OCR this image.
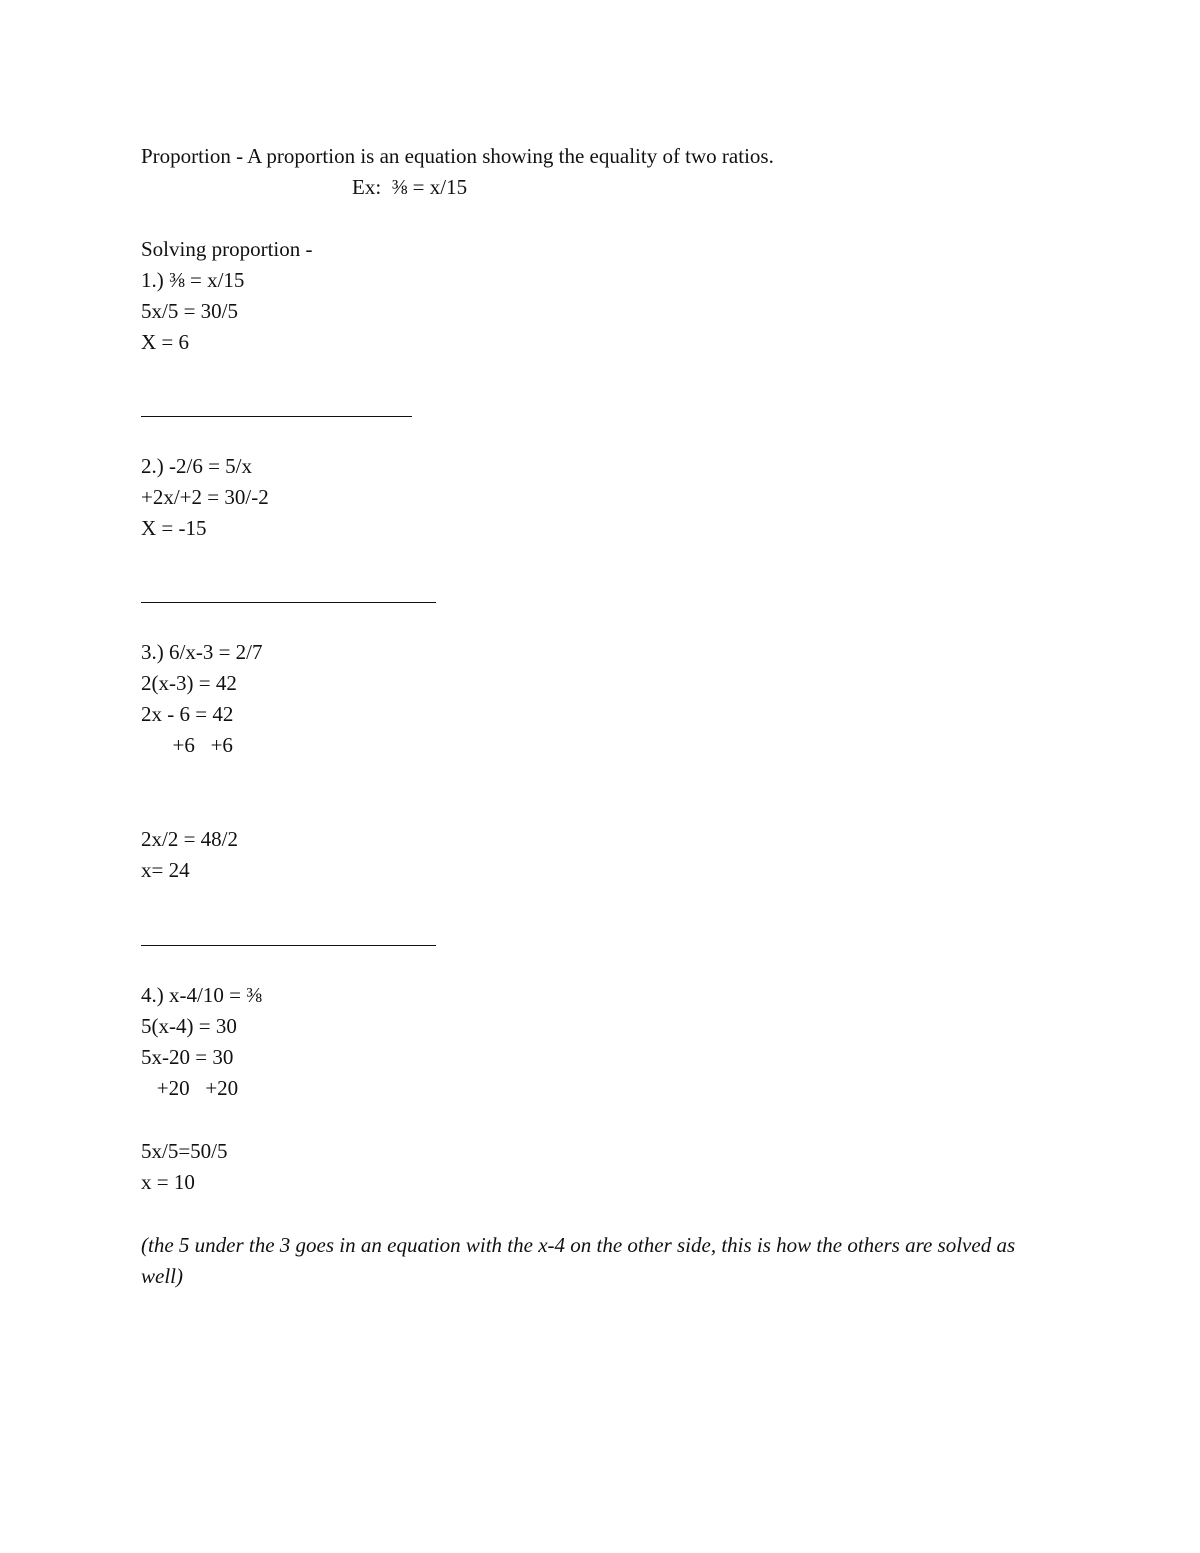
Proportion - A proportion is an equation showing the equality of two ratios.
Ex:  ⅜ = x/15
Solving proportion -
1.) ⅜ = x/15
5x/5 = 30/5
X = 6
2.) -2/6 = 5/x
+2x/+2 = 30/-2
X = -15
3.) 6/x-3 = 2/7
2(x-3) = 42
2x - 6 = 42
+6   +6
2x/2 = 48/2
x= 24
4.) x-4/10 = ⅜
5(x-4) = 30
5x-20 = 30
+20   +20
5x/5=50/5
x = 10
(the 5 under the 3 goes in an equation with the x-4 on the other side, this is how the others are solved as well)
